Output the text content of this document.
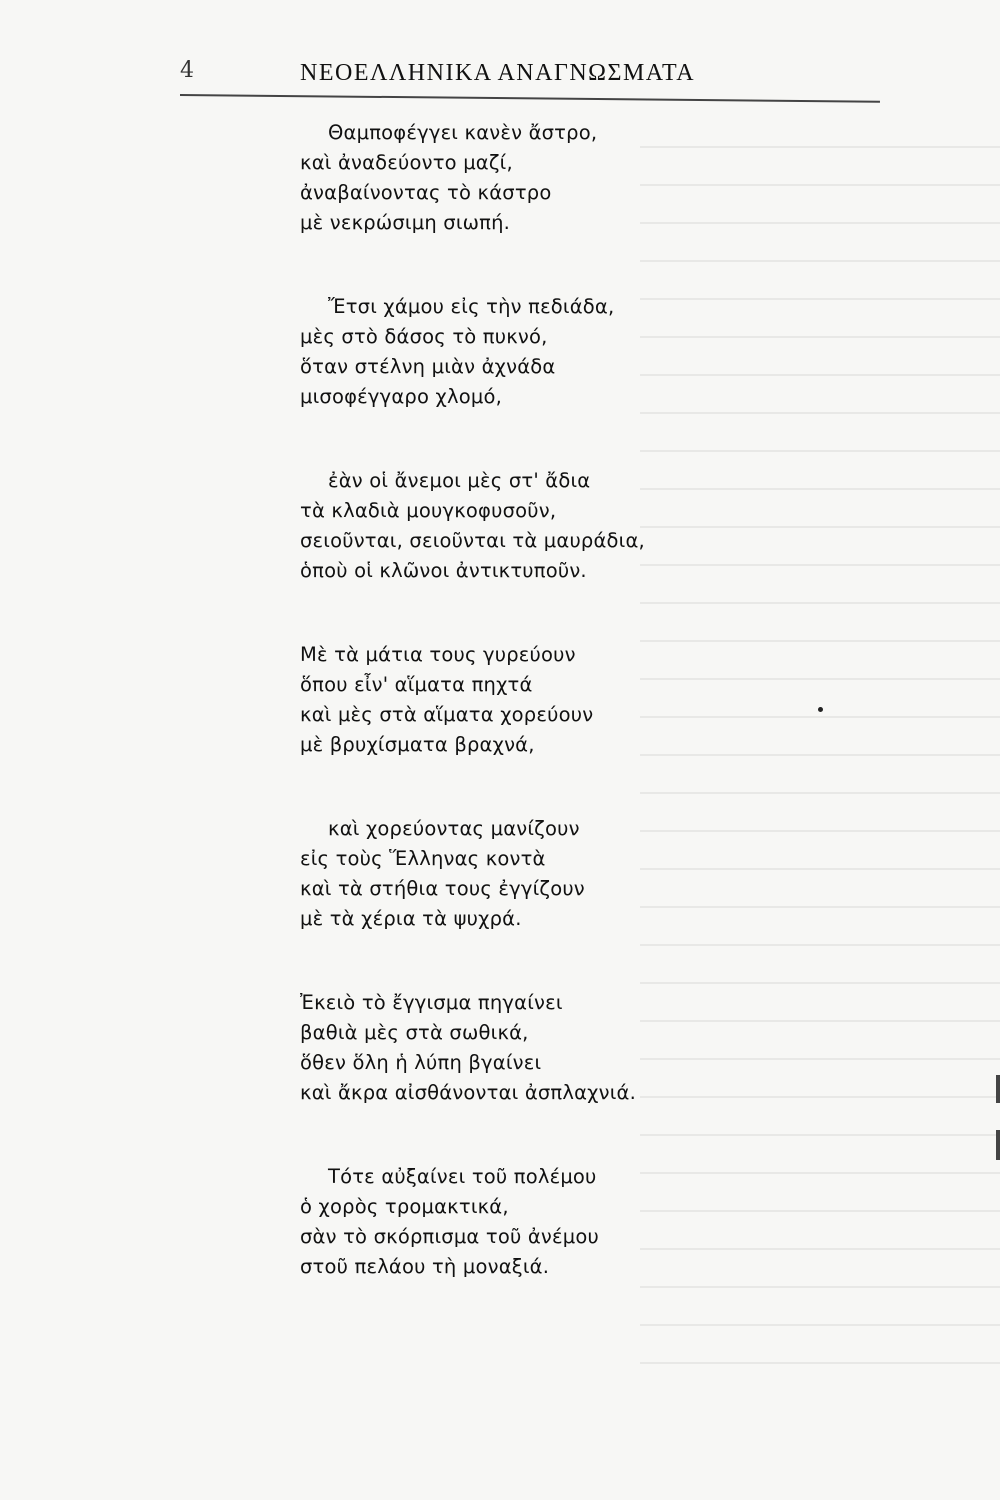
4	ΝΕΟΕΛΛΗΝΙΚΑ ΑΝΑΓΝΩΣΜΑΤΑ
Θαμποφέγγει κανὲν ἄστρο,
καὶ ἀναδεύοντο μαζί,
ἀναβαίνοντας τὸ κάστρο
μὲ νεκρώσιμη σιωπή.
Ἔτσι χάμου εἰς τὴν πεδιάδα,
μὲς στὸ δάσος τὸ πυκνό,
ὅταν στέλνη μιὰν ἀχνάδα
μισοφέγγαρο χλομό,
ἐὰν οἱ ἄνεμοι μὲς στ' ἄδια
τὰ κλαδιὰ μουγκοφυσοῦν,
σειοῦνται, σειοῦνται τὰ μαυράδια,
ὁποὺ οἱ κλῶνοι ἀντικτυποῦν.
Μὲ τὰ μάτια τους γυρεύουν
ὅπου εἶν' αἵματα πηχτά
καὶ μὲς στὰ αἵματα χορεύουν
μὲ βρυχίσματα βραχνά,
καὶ χορεύοντας μανίζουν
εἰς τοὺς Ἕλληνας κοντὰ
καὶ τὰ στήθια τους ἐγγίζουν
μὲ τὰ χέρια τὰ ψυχρά.
Ἐκειὸ τὸ ἔγγισμα πηγαίνει
βαθιὰ μὲς στὰ σωθικά,
ὅθεν ὅλη ἡ λύπη βγαίνει
καὶ ἄκρα αἰσθάνονται ἀσπλαχνιά.
Τότε αὐξαίνει τοῦ πολέμου
ὁ χορὸς τρομακτικά,
σὰν τὸ σκόρπισμα τοῦ ἀνέμου
στοῦ πελάου τὴ μοναξιά.
